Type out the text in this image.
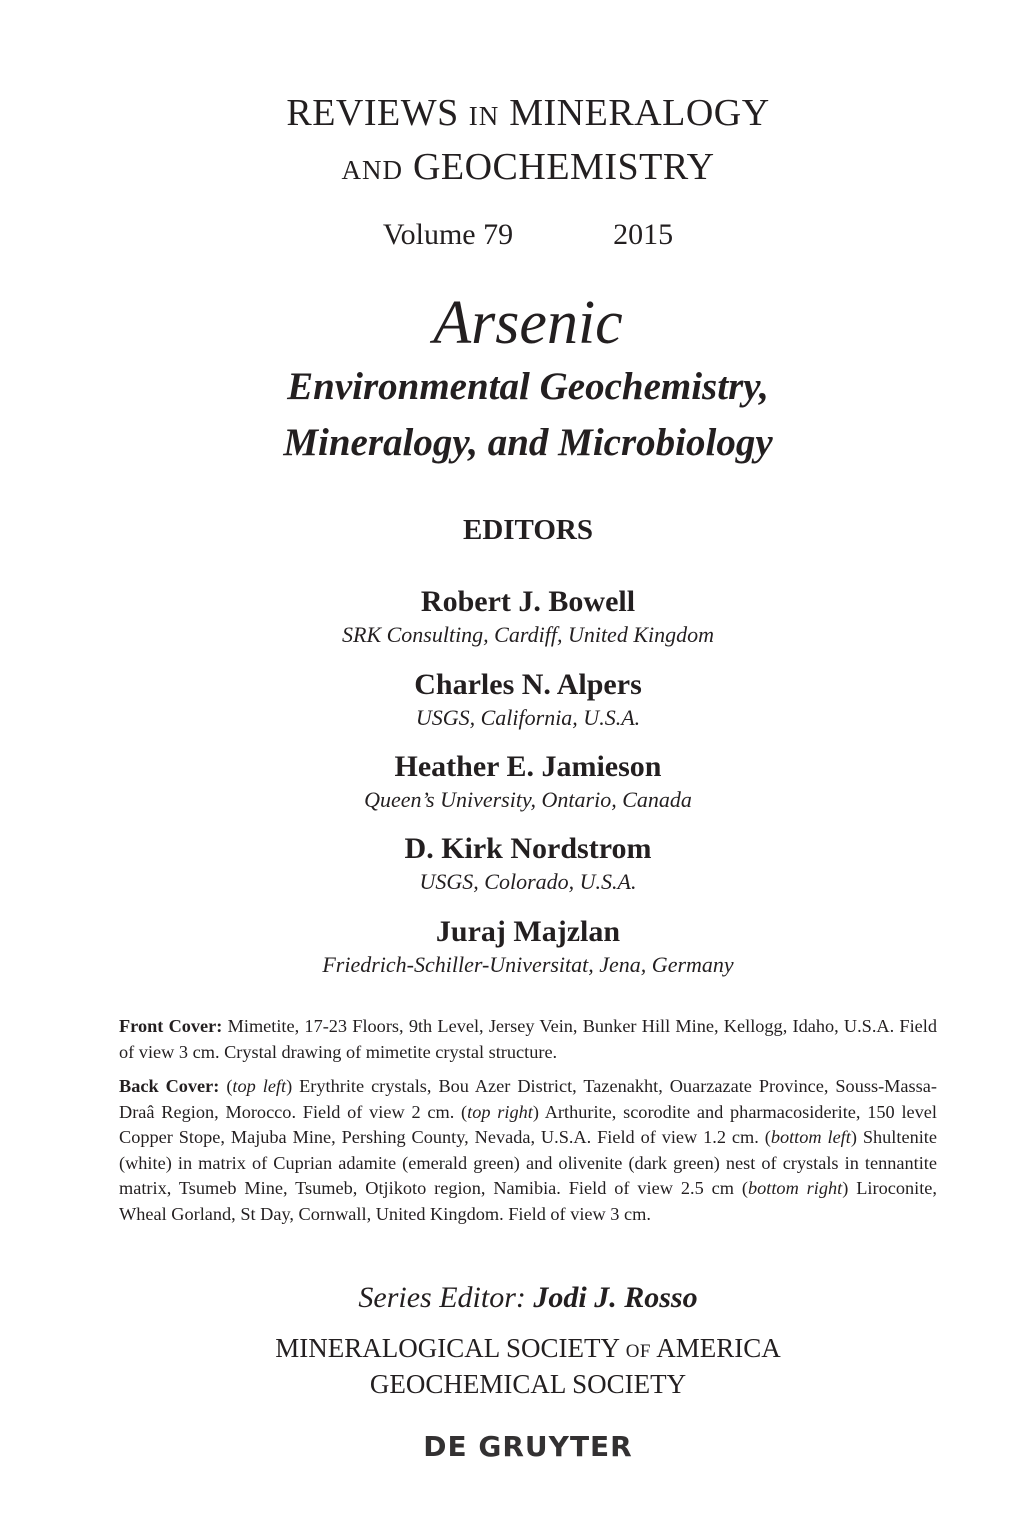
REVIEWS IN MINERALOGY
AND GEOCHEMISTRY
Volume 79	2015
Arsenic
Environmental Geochemistry,
Mineralogy, and Microbiology
EDITORS
Robert J. Bowell
SRK Consulting, Cardiff, United Kingdom
Charles N. Alpers
USGS, California, U.S.A.
Heather E. Jamieson
Queen’s University, Ontario, Canada
D. Kirk Nordstrom
USGS, Colorado, U.S.A.
Juraj Majzlan
Friedrich-Schiller-Universitat, Jena, Germany
Front Cover: Mimetite, 17-23 Floors, 9th Level, Jersey Vein, Bunker Hill Mine, Kellogg, Idaho, U.S.A. Field of view 3 cm. Crystal drawing of mimetite crystal structure.
Back Cover: (top left) Erythrite crystals, Bou Azer District, Tazenakht, Ouarzazate Province, Souss-Massa-Draâ Region, Morocco. Field of view 2 cm. (top right) Arthurite, scorodite and pharmacosiderite, 150 level Copper Stope, Majuba Mine, Pershing County, Nevada, U.S.A. Field of view 1.2 cm. (bottom left) Shultenite (white) in matrix of Cuprian adamite (emerald green) and olivenite (dark green) nest of crystals in tennantite matrix, Tsumeb Mine, Tsumeb, Otjikoto region, Namibia. Field of view 2.5 cm (bottom right) Liroconite, Wheal Gorland, St Day, Cornwall, United Kingdom. Field of view 3 cm.
Series Editor: Jodi J. Rosso
MINERALOGICAL SOCIETY OF AMERICA
GEOCHEMICAL SOCIETY
DE GRUYTER
